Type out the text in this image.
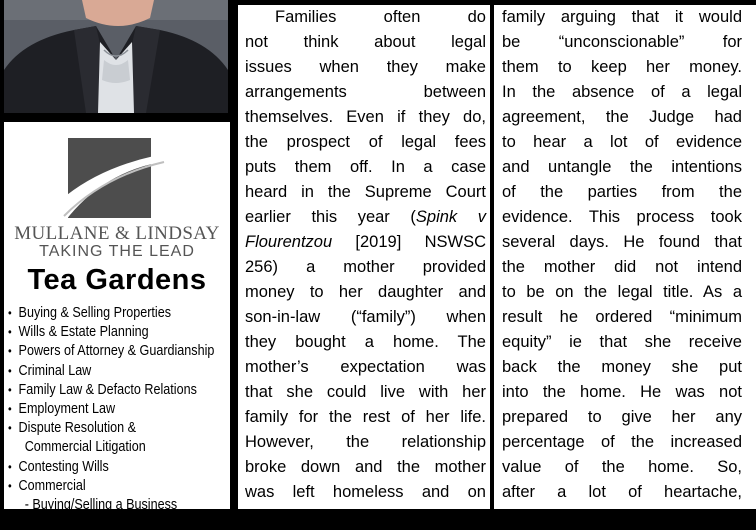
MULLANE & LINDSAY
TAKING THE LEAD
Tea Gardens
• Buying & Selling Properties
• Wills & Estate Planning
• Powers of Attorney & Guardianship
• Criminal Law
• Family Law & Defacto Relations
• Employment Law
• Dispute Resolution &
Commercial Litigation
• Contesting Wills
• Commercial
- Buying/Selling a Business

Families often do
not think about legal
issues when they make
arrangements between
themselves. Even if they do,
the prospect of legal fees
puts them off. In a case
heard in the Supreme Court
earlier this year (Spink v
Flourentzou [2019] NSWSC
256) a mother provided
money to her daughter and
son-in-law (“family”) when
they bought a home. The
mother’s expectation was
that she could live with her
family for the rest of her life.
However, the relationship
broke down and the mother
was left homeless and on
the pension, the family

family arguing that it would
be “unconscionable” for
them to keep her money.
In the absence of a legal
agreement, the Judge had
to hear a lot of evidence
and untangle the intentions
of the parties from the
evidence. This process took
several days. He found that
the mother did not intend
to be on the legal title. As a
result he ordered “minimum
equity” ie that she receive
back the money she put
into the home. He was not
prepared to give her any
percentage of the increased
value of the home. So,
after a lot of heartache,
the mother will get
